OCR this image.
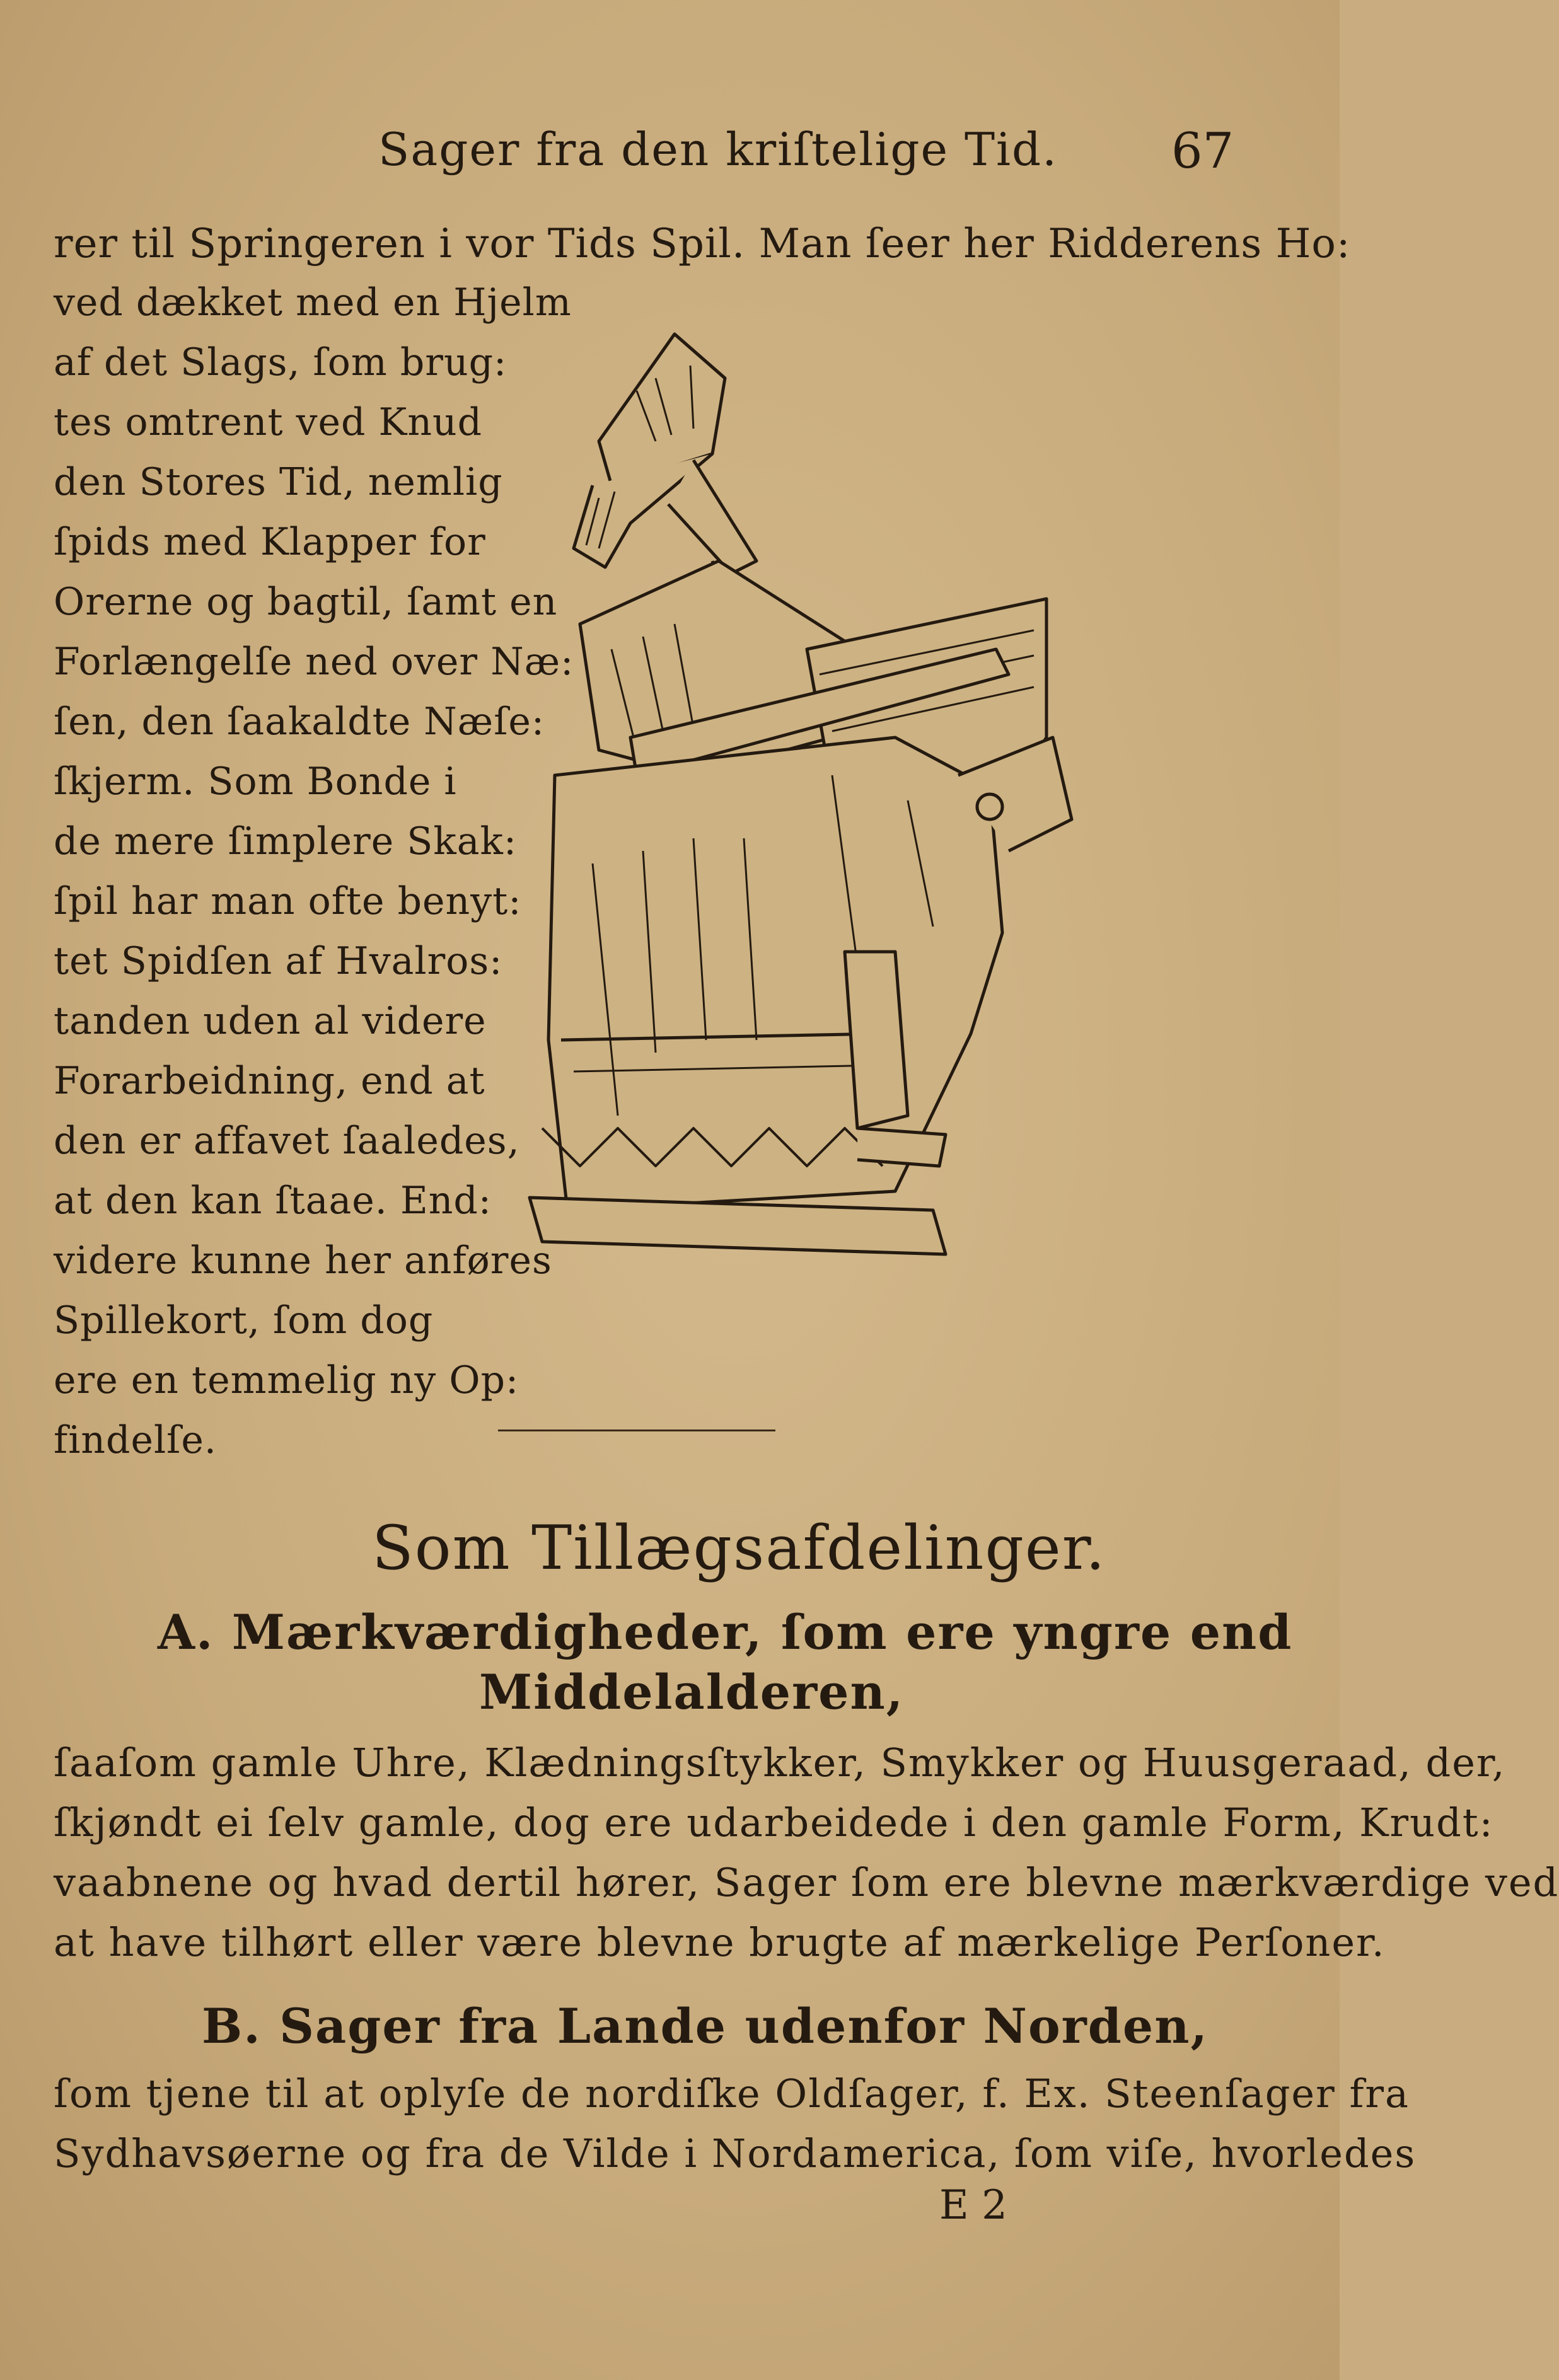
Sager fra den kriſtelige Tid. 67
rer til Springeren i vor Tids Spil. Man ſeer her Ridderens Ho:
ved dækket med en Hjelm
af det Slags, ſom brug:
tes omtrent ved Knud
den Stores Tid, nemlig
ſpids med Klapper for
Orerne og bagtil, ſamt en
Forlængelſe ned over Næ:
ſen, den ſaakaldte Næſe:
ſkjerm. Som Bonde i
de mere ſimplere Skak:
ſpil har man ofte benyt:
tet Spidſen af Hvalros:
tanden uden al videre
Forarbeidning, end at
den er affavet ſaaledes,
at den kan ſtaae. End:
videre kunne her anføres
Spillekort, ſom dog
ere en temmelig ny Op:
findelſe.
Som Tillægsafdelinger.
A. Mærkværdigheder, ſom ere yngre end
Middelalderen,
ſaaſom gamle Uhre, Klædningsſtykker, Smykker og Huusgeraad, der,
ſkjøndt ei ſelv gamle, dog ere udarbeidede i den gamle Form, Krudt:
vaabnene og hvad dertil hører, Sager ſom ere blevne mærkværdige ved
at have tilhørt eller være blevne brugte af mærkelige Perſoner.
B. Sager fra Lande udenfor Norden,
ſom tjene til at oplyſe de nordiſke Oldſager, f. Ex. Steenſager fra
Sydhavsøerne og fra de Vilde i Nordamerica, ſom viſe, hvorledes
E 2
